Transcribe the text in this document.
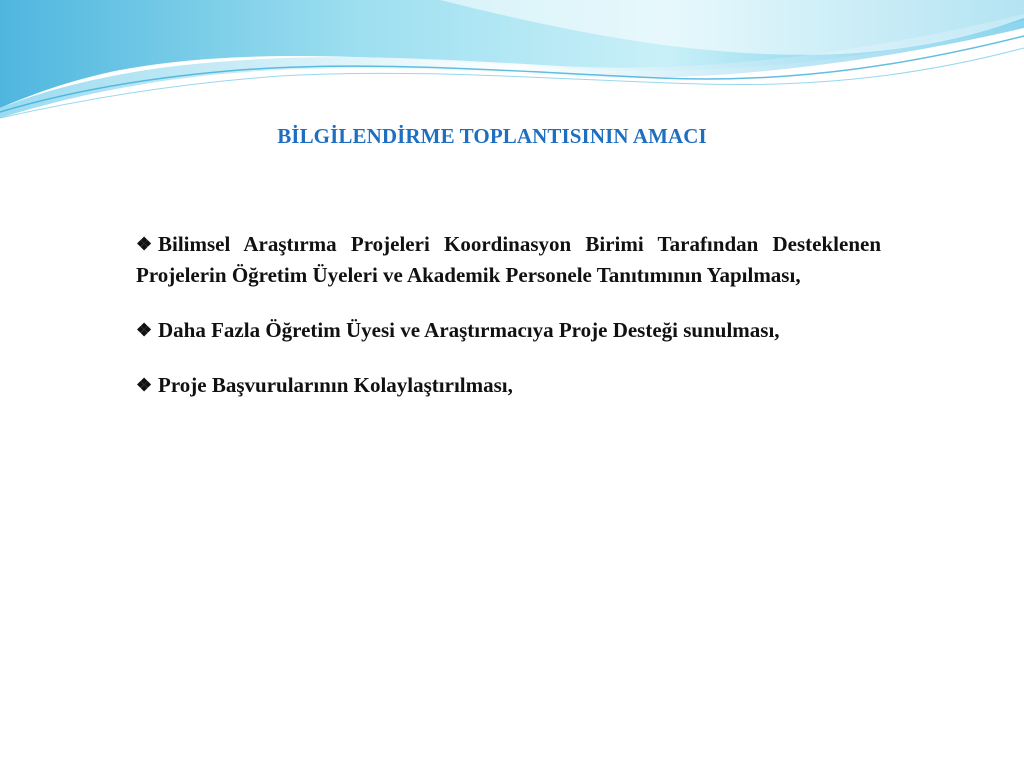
BİLGİLENDİRME TOPLANTISININ AMACI

❖ Bilimsel Araştırma Projeleri Koordinasyon Birimi Tarafından Desteklenen Projelerin Öğretim Üyeleri ve Akademik Personele Tanıtımının Yapılması,

❖ Daha Fazla Öğretim Üyesi ve Araştırmacıya Proje Desteği sunulması,

❖ Proje Başvurularının Kolaylaştırılması,
